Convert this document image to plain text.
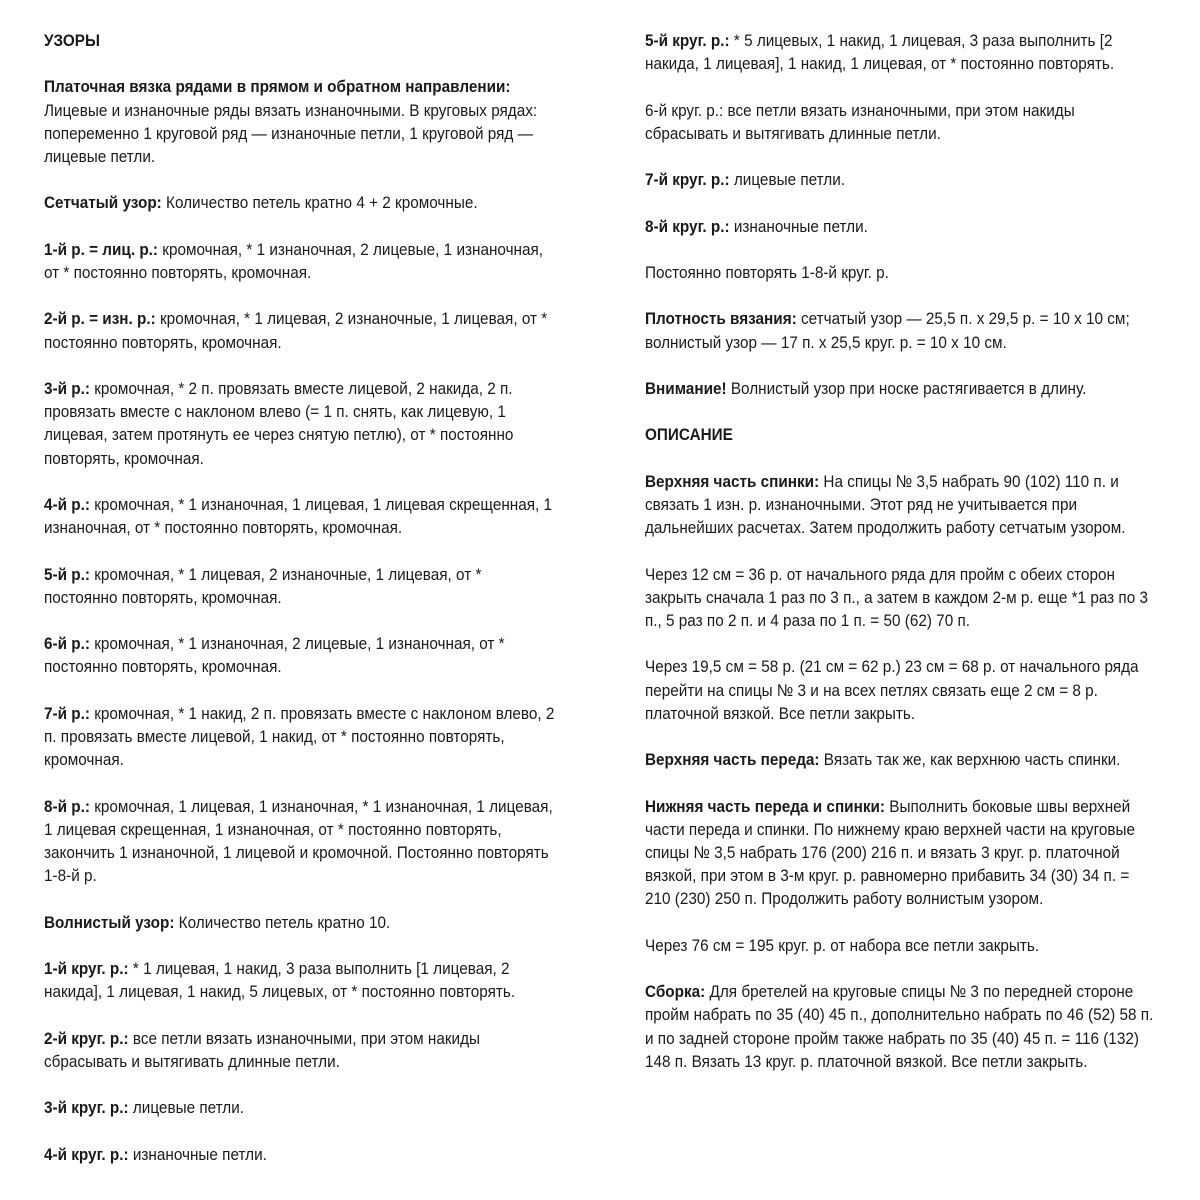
УЗОРЫ

Платочная вязка рядами в прямом и обратном направлении:
Лицевые и изнаночные ряды вязать изнаночными. В круговых рядах: попеременно 1 круговой ряд — изнаночные петли, 1 круговой ряд — лицевые петли.

Сетчатый узор: Количество петель кратно 4 + 2 кромочные.

1-й р. = лиц. р.: кромочная, * 1 изнаночная, 2 лицевые, 1 изнаночная, от * постоянно повторять, кромочная.

2-й р. = изн. р.: кромочная, * 1 лицевая, 2 изнаночные, 1 лицевая, от * постоянно повторять, кромочная.

3-й р.: кромочная, * 2 п. провязать вместе лицевой, 2 накида, 2 п. провязать вместе с наклоном влево (= 1 п. снять, как лицевую, 1 лицевая, затем протянуть ее через снятую петлю), от * постоянно повторять, кромочная.

4-й р.: кромочная, * 1 изнаночная, 1 лицевая, 1 лицевая скрещенная, 1 изнаночная, от * постоянно повторять, кромочная.

5-й р.: кромочная, * 1 лицевая, 2 изнаночные, 1 лицевая, от * постоянно повторять, кромочная.

6-й р.: кромочная, * 1 изнаночная, 2 лицевые, 1 изнаночная, от * постоянно повторять, кромочная.

7-й р.: кромочная, * 1 накид, 2 п. провязать вместе с наклоном влево, 2 п. провязать вместе лицевой, 1 накид, от * постоянно повторять, кромочная.

8-й р.: кромочная, 1 лицевая, 1 изнаночная, * 1 изнаночная, 1 лицевая, 1 лицевая скрещенная, 1 изнаночная, от * постоянно повторять, закончить 1 изнаночной, 1 лицевой и кромочной. Постоянно повторять 1-8-й р.

Волнистый узор: Количество петель кратно 10.

1-й круг. р.: * 1 лицевая, 1 накид, 3 раза выполнить [1 лицевая, 2 накида], 1 лицевая, 1 накид, 5 лицевых, от * постоянно повторять.

2-й круг. р.: все петли вязать изнаночными, при этом накиды сбрасывать и вытягивать длинные петли.

3-й круг. р.: лицевые петли.

4-й круг. р.: изнаночные петли.

5-й круг. р.: * 5 лицевых, 1 накид, 1 лицевая, 3 раза выполнить [2 накида, 1 лицевая], 1 накид, 1 лицевая, от * постоянно повторять.

6-й круг. р.: все петли вязать изнаночными, при этом накиды сбрасывать и вытягивать длинные петли.

7-й круг. р.: лицевые петли.

8-й круг. р.: изнаночные петли.

Постоянно повторять 1-8-й круг. р.

Плотность вязания: сетчатый узор — 25,5 п. х 29,5 р. = 10 х 10 см; волнистый узор — 17 п. х 25,5 круг. р. = 10 х 10 см.

Внимание! Волнистый узор при носке растягивается в длину.

ОПИСАНИЕ

Верхняя часть спинки: На спицы № 3,5 набрать 90 (102) 110 п. и связать 1 изн. р. изнаночными. Этот ряд не учитывается при дальнейших расчетах. Затем продолжить работу сетчатым узором.

Через 12 см = 36 р. от начального ряда для пройм с обеих сторон закрыть сначала 1 раз по 3 п., а затем в каждом 2-м р. еще *1 раз по 3 п., 5 раз по 2 п. и 4 раза по 1 п. = 50 (62) 70 п.

Через 19,5 см = 58 р. (21 см = 62 р.) 23 см = 68 р. от начального ряда перейти на спицы № 3 и на всех петлях связать еще 2 см = 8 р. платочной вязкой. Все петли закрыть.

Верхняя часть переда: Вязать так же, как верхнюю часть спинки.

Нижняя часть переда и спинки: Выполнить боковые швы верхней части переда и спинки. По нижнему краю верхней части на круговые спицы № 3,5 набрать 176 (200) 216 п. и вязать 3 круг. р. платочной вязкой, при этом в 3-м круг. р. равномерно прибавить 34 (30) 34 п. = 210 (230) 250 п. Продолжить работу волнистым узором.

Через 76 см = 195 круг. р. от набора все петли закрыть.

Сборка: Для бретелей на круговые спицы № 3 по передней стороне пройм набрать по 35 (40) 45 п., дополнительно набрать по 46 (52) 58 п. и по задней стороне пройм также набрать по 35 (40) 45 п. = 116 (132) 148 п. Вязать 13 круг. р. платочной вязкой. Все петли закрыть.
